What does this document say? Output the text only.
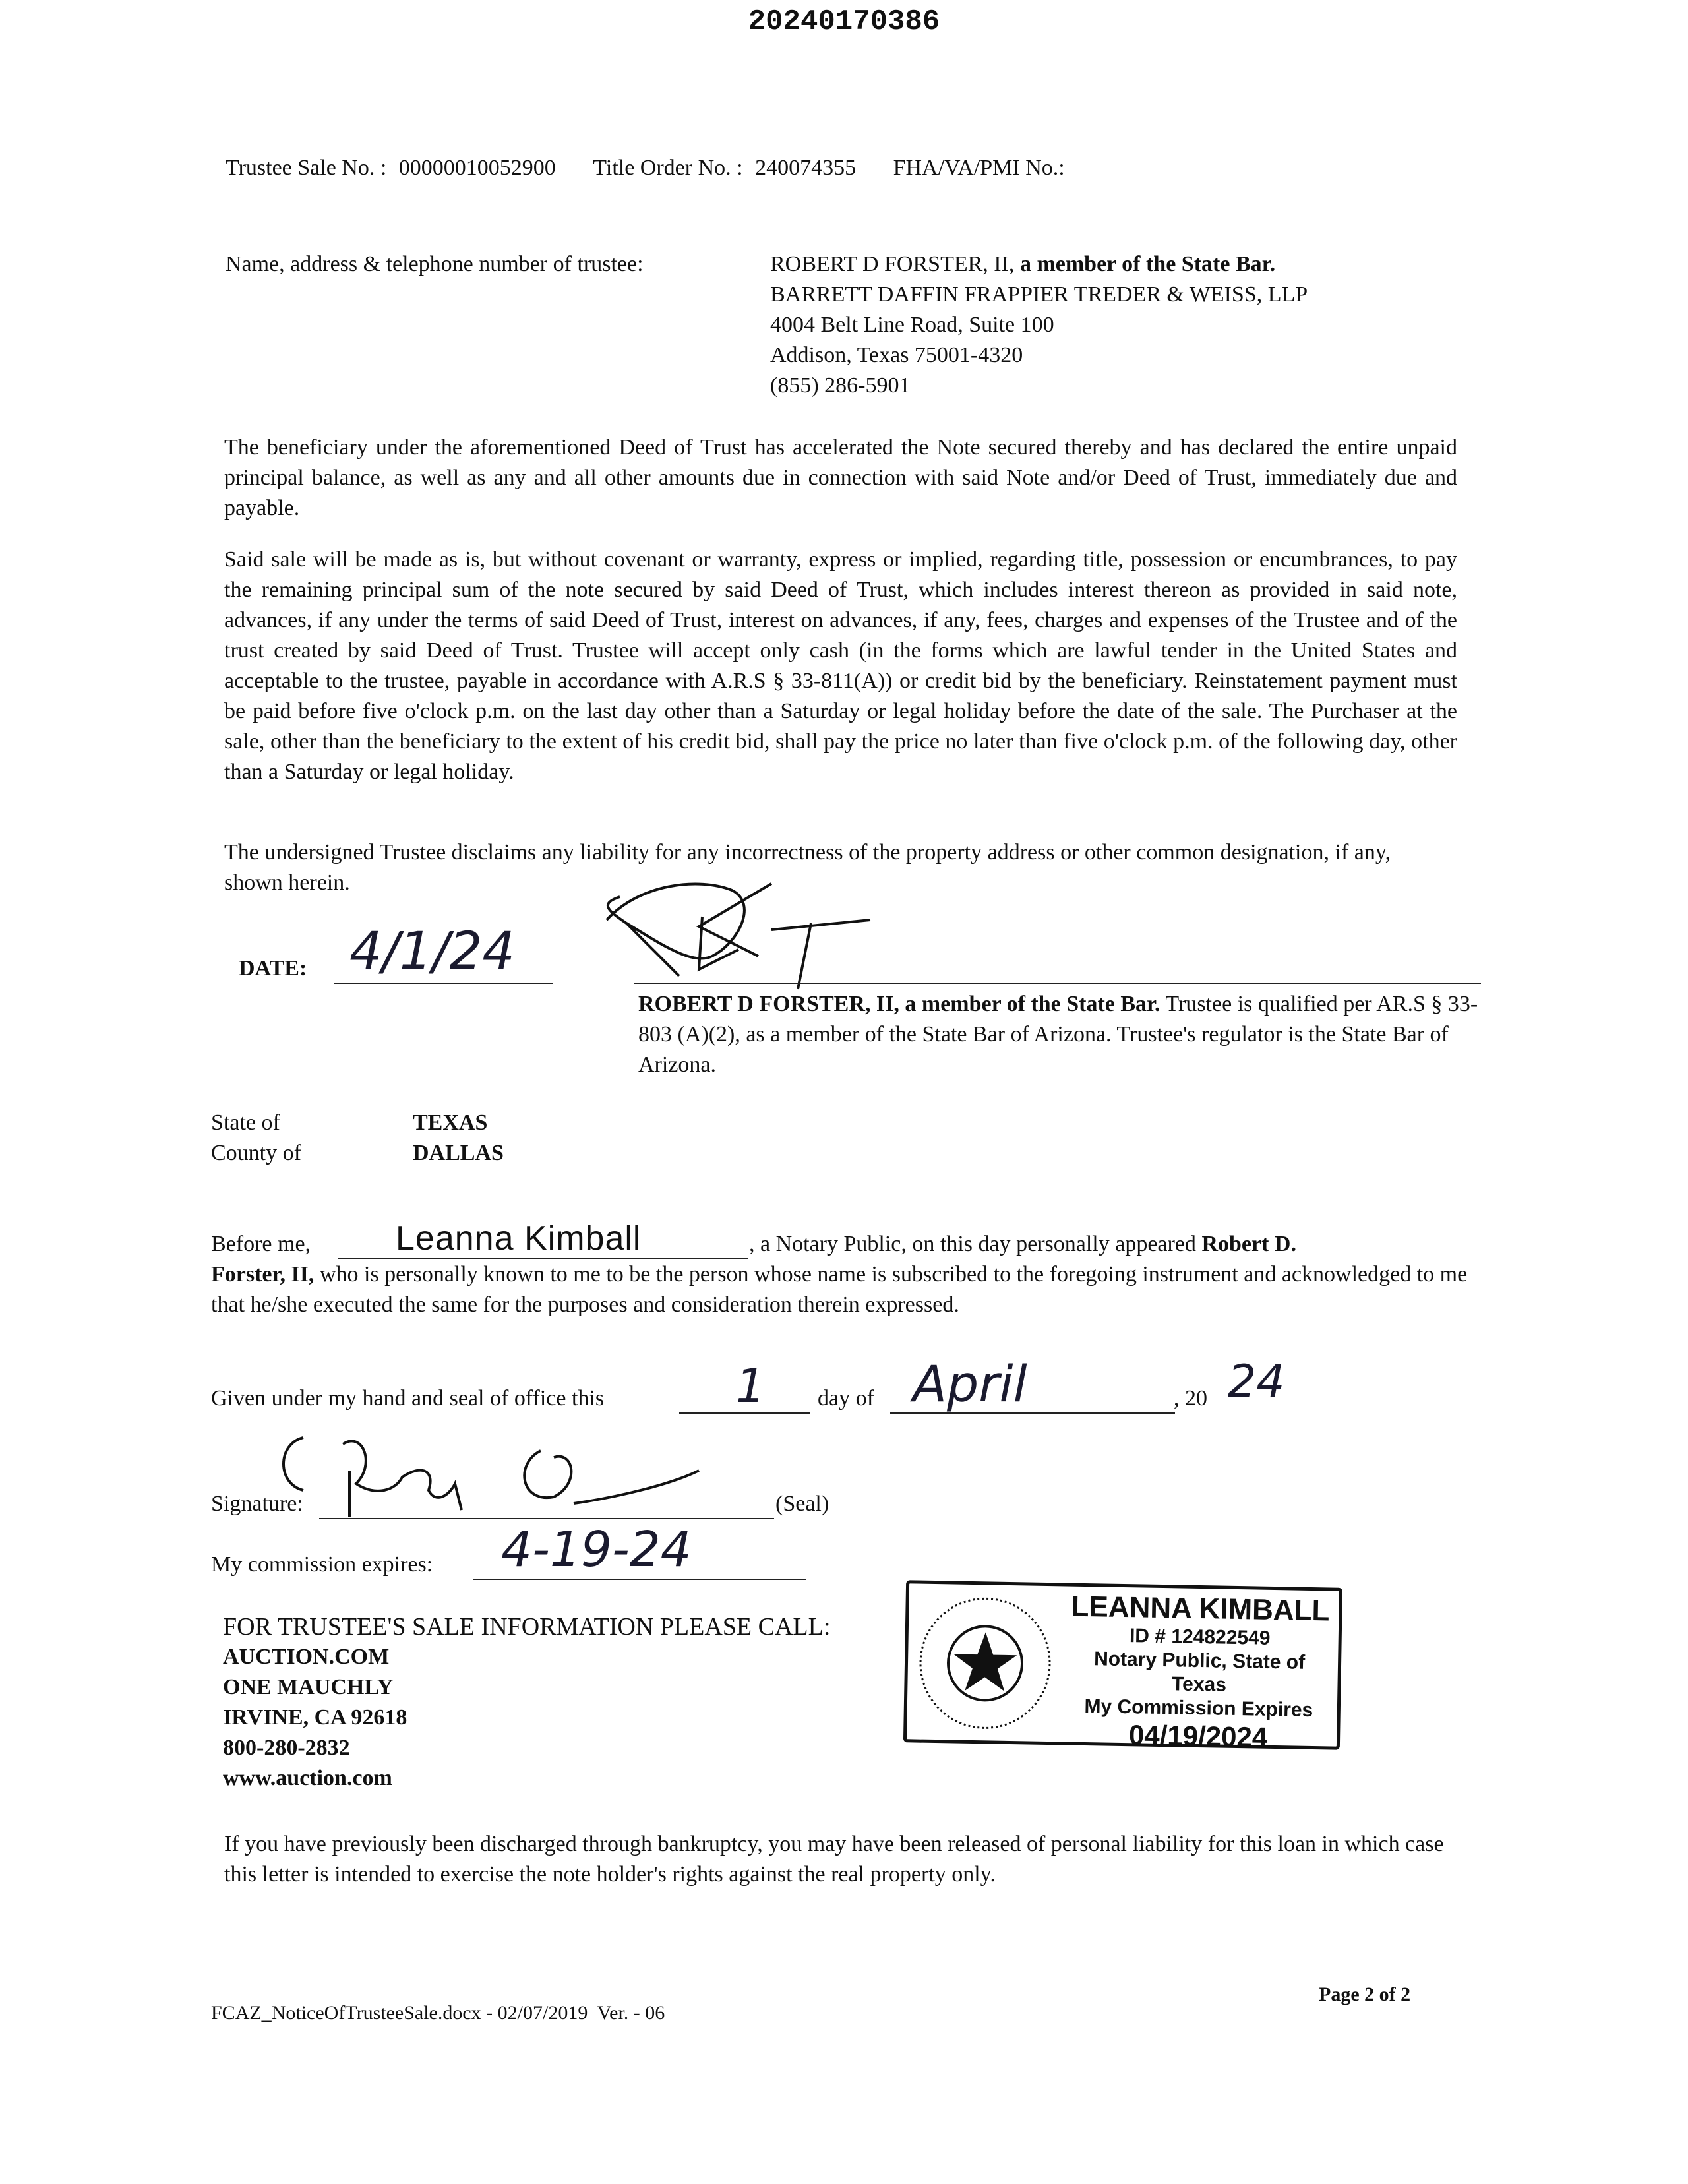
20240170386
Trustee Sale No. : 00000010052900 Title Order No. : 240074355 FHA/VA/PMI No.:
Name, address & telephone number of trustee:	ROBERT D FORSTER, II, a member of the State Bar.
BARRETT DAFFIN FRAPPIER TREDER & WEISS, LLP
4004 Belt Line Road, Suite 100
Addison, Texas 75001-4320
(855) 286-5901
The beneficiary under the aforementioned Deed of Trust has accelerated the Note secured thereby and has declared the entire unpaid principal balance, as well as any and all other amounts due in connection with said Note and/or Deed of Trust, immediately due and payable.
Said sale will be made as is, but without covenant or warranty, express or implied, regarding title, possession or encumbrances, to pay the remaining principal sum of the note secured by said Deed of Trust, which includes interest thereon as provided in said note, advances, if any under the terms of said Deed of Trust, interest on advances, if any, fees, charges and expenses of the Trustee and of the trust created by said Deed of Trust. Trustee will accept only cash (in the forms which are lawful tender in the United States and acceptable to the trustee, payable in accordance with A.R.S § 33-811(A)) or credit bid by the beneficiary. Reinstatement payment must be paid before five o'clock p.m. on the last day other than a Saturday or legal holiday before the date of the sale. The Purchaser at the sale, other than the beneficiary to the extent of his credit bid, shall pay the price no later than five o'clock p.m. of the following day, other than a Saturday or legal holiday.
The undersigned Trustee disclaims any liability for any incorrectness of the property address or other common designation, if any, shown herein.
DATE: 4/1/24
ROBERT D FORSTER, II, a member of the State Bar. Trustee is qualified per AR.S § 33-803 (A)(2), as a member of the State Bar of Arizona. Trustee's regulator is the State Bar of Arizona.
State of	TEXAS
County of	DALLAS
Before me, Leanna Kimball	, a Notary Public, on this day personally appeared Robert D.
Forster, II, who is personally known to me to be the person whose name is subscribed to the foregoing instrument and acknowledged to me that he/she executed the same for the purposes and consideration therein expressed.
Given under my hand and seal of office this	1 day of April	, 20 24
Signature:	(Seal)
My commission expires: 4-19-24
FOR TRUSTEE'S SALE INFORMATION PLEASE CALL:
AUCTION.COM
ONE MAUCHLY
IRVINE, CA 92618
800-280-2832
www.auction.com
LEANNA KIMBALL
ID # 124822549
Notary Public, State of Texas
My Commission Expires
04/19/2024
If you have previously been discharged through bankruptcy, you may have been released of personal liability for this loan in which case this letter is intended to exercise the note holder's rights against the real property only.
Page 2 of 2
FCAZ_NoticeOfTrusteeSale.docx - 02/07/2019  Ver. - 06
